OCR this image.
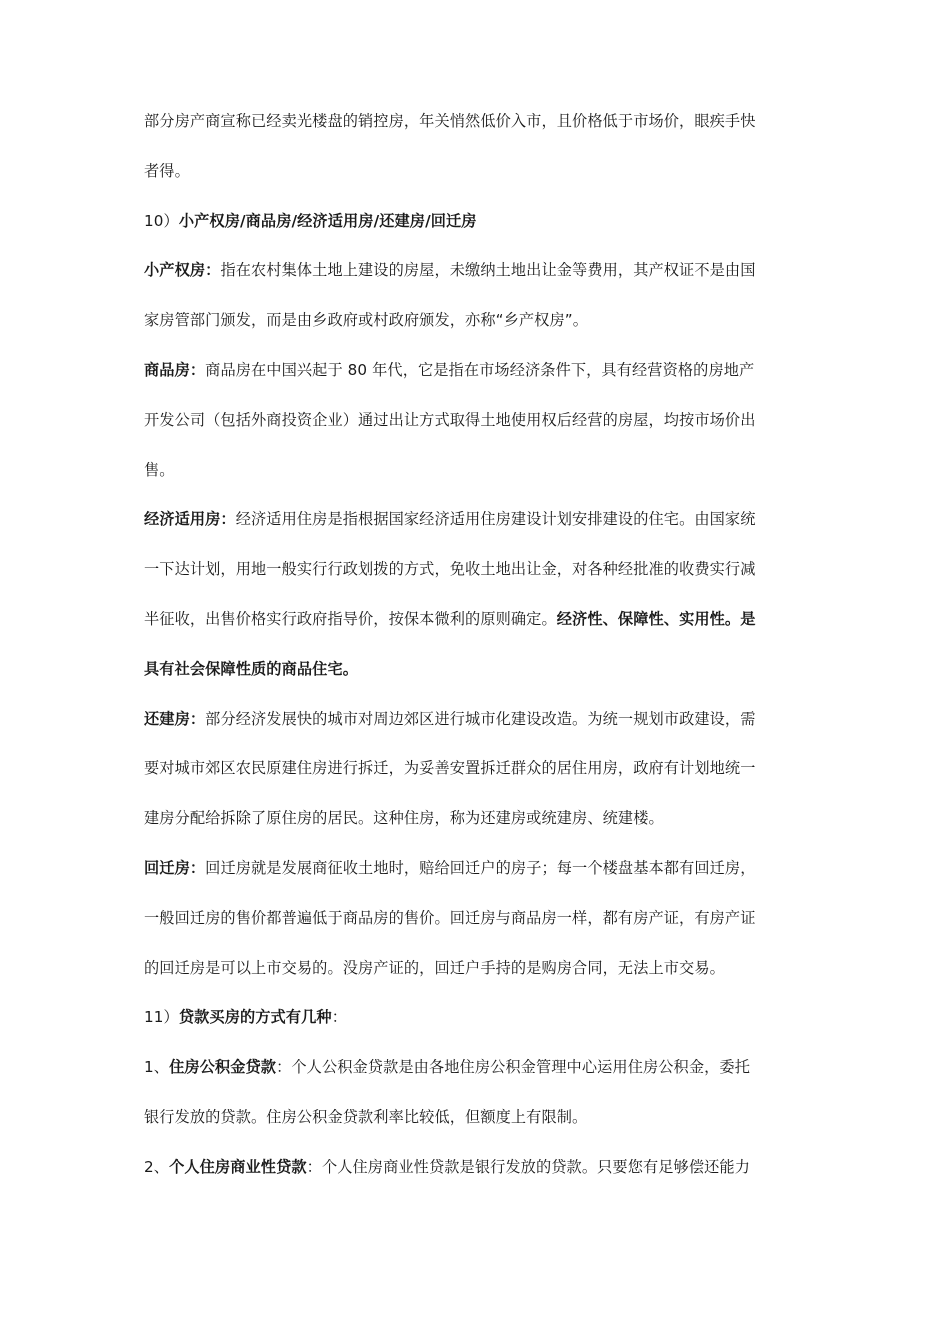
部分房产商宣称已经卖光楼盘的销控房，年关悄然低价入市，且价格低于市场价，眼疾手快
者得。
10）小产权房/商品房/经济适用房/还建房/回迁房
小产权房：指在农村集体土地上建设的房屋，未缴纳土地出让金等费用，其产权证不是由国
家房管部门颁发，而是由乡政府或村政府颁发，亦称“乡产权房”。
商品房：商品房在中国兴起于 80 年代，它是指在市场经济条件下，具有经营资格的房地产
开发公司（包括外商投资企业）通过出让方式取得土地使用权后经营的房屋，均按市场价出
售。
经济适用房：经济适用住房是指根据国家经济适用住房建设计划安排建设的住宅。由国家统
一下达计划，用地一般实行行政划拨的方式，免收土地出让金，对各种经批准的收费实行减
半征收，出售价格实行政府指导价，按保本微利的原则确定。经济性、保障性、实用性。是
具有社会保障性质的商品住宅。
还建房：部分经济发展快的城市对周边郊区进行城市化建设改造。为统一规划市政建设，需
要对城市郊区农民原建住房进行拆迁，为妥善安置拆迁群众的居住用房，政府有计划地统一
建房分配给拆除了原住房的居民。这种住房，称为还建房或统建房、统建楼。
回迁房：回迁房就是发展商征收土地时，赔给回迁户的房子；每一个楼盘基本都有回迁房，
一般回迁房的售价都普遍低于商品房的售价。回迁房与商品房一样，都有房产证，有房产证
的回迁房是可以上市交易的。没房产证的，回迁户手持的是购房合同，无法上市交易。
11）贷款买房的方式有几种：
1、住房公积金贷款：个人公积金贷款是由各地住房公积金管理中心运用住房公积金，委托
银行发放的贷款。住房公积金贷款利率比较低，但额度上有限制。
2、个人住房商业性贷款：个人住房商业性贷款是银行发放的贷款。只要您有足够偿还能力
